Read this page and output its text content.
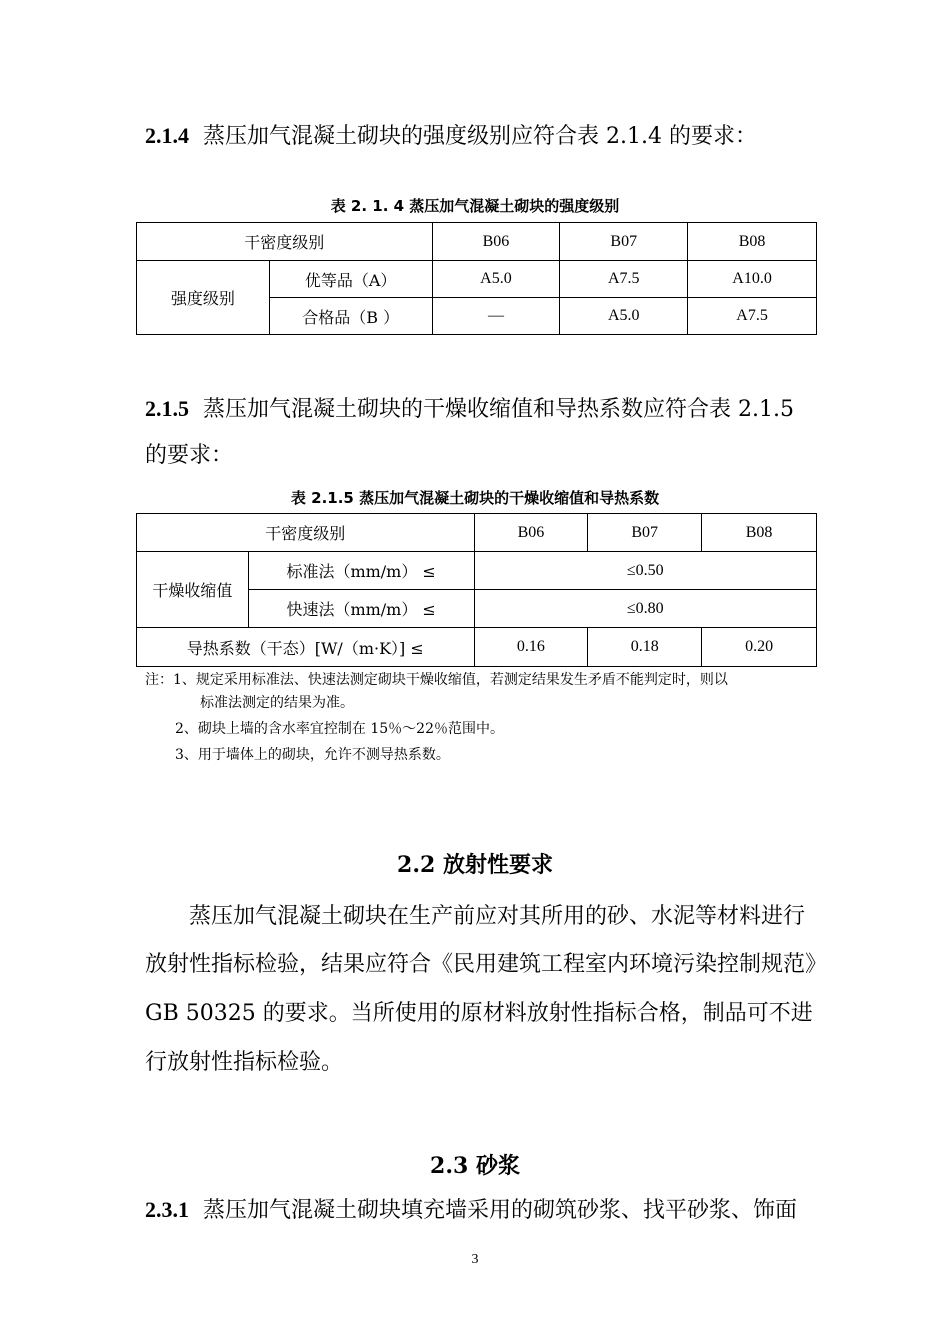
2.1.4 蒸压加气混凝土砌块的强度级别应符合表 2.1.4 的要求：
表 2. 1. 4 蒸压加气混凝土砌块的强度级别
干密度级别		B06	B07	B08
强度级别	优等品（A）	A5.0	A7.5	A10.0
	合格品（B ）	—	A5.0	A7.5
2.1.5 蒸压加气混凝土砌块的干燥收缩值和导热系数应符合表 2.1.5
的要求：
表 2.1.5 蒸压加气混凝土砌块的干燥收缩值和导热系数
干密度级别		B06	B07	B08
干燥收缩值	标准法（mm/m） ≤	≤0.50		
	快速法（mm/m） ≤	≤0.80		
导热系数（干态）[W/（m·K）] ≤		0.16	0.18	0.20
注：1、规定采用标准法、快速法测定砌块干燥收缩值，若测定结果发生矛盾不能判定时，则以
标准法测定的结果为准。
2、砌块上墙的含水率宜控制在 15％～22％范围中。
3、用于墙体上的砌块，允许不测导热系数。
2.2 放射性要求
蒸压加气混凝土砌块在生产前应对其所用的砂、水泥等材料进行
放射性指标检验，结果应符合《民用建筑工程室内环境污染控制规范》
GB 50325 的要求。当所使用的原材料放射性指标合格，制品可不进
行放射性指标检验。
2.3 砂浆
2.3.1 蒸压加气混凝土砌块填充墙采用的砌筑砂浆、找平砂浆、饰面
3
